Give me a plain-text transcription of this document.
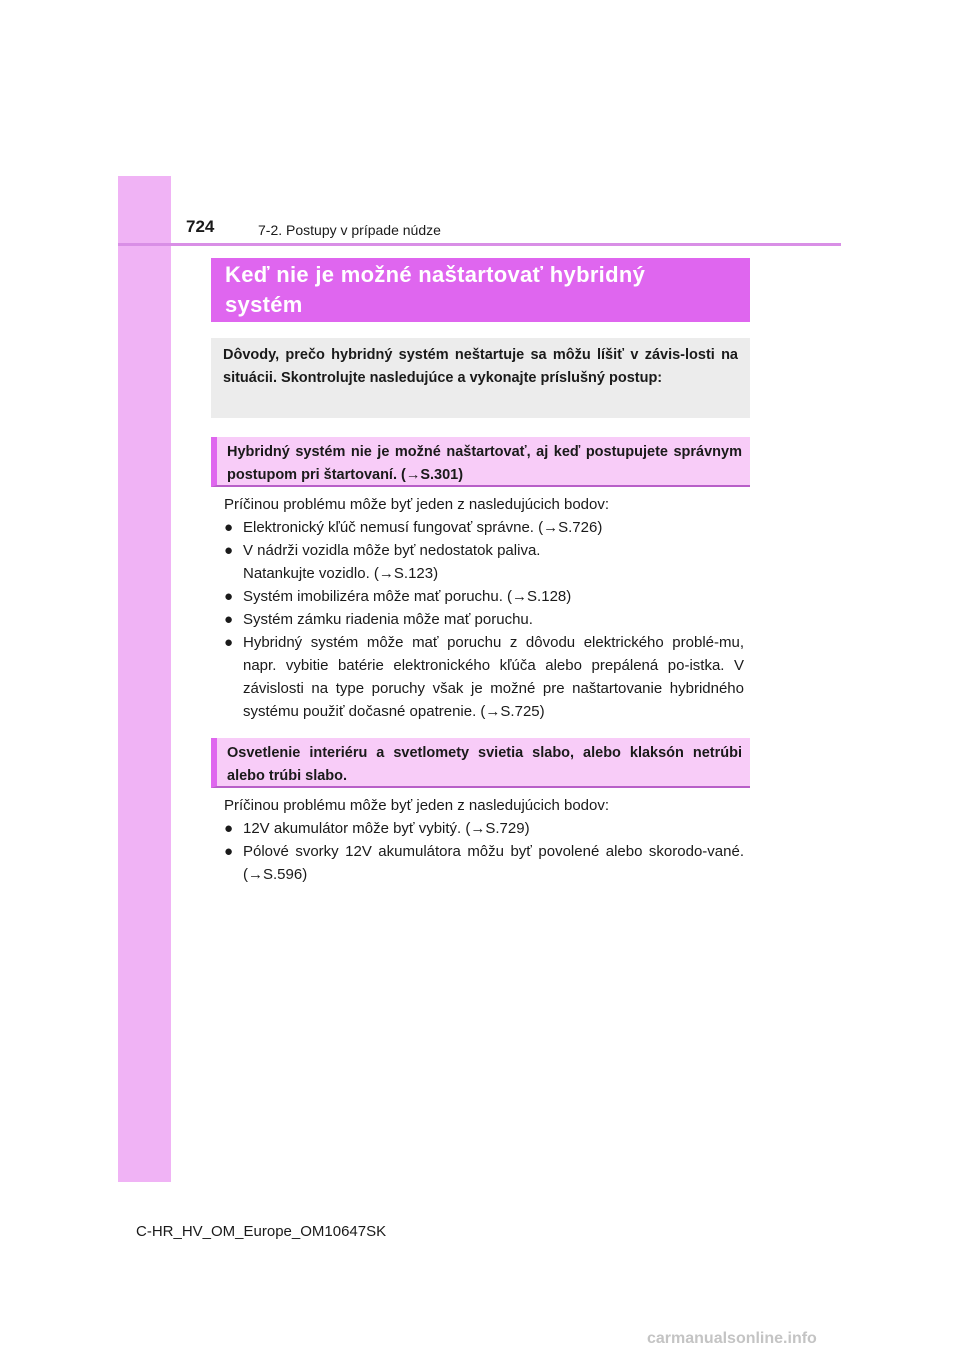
724	7-2. Postupy v prípade núdze
Keď nie je možné naštartovať hybridný
systém
Dôvody, prečo hybridný systém neštartuje sa môžu líšiť v závis-losti na situácii. Skontrolujte nasledujúce a vykonajte príslušný postup:
Hybridný systém nie je možné naštartovať, aj keď postupujete správnym postupom pri štartovaní. (→S.301)
Príčinou problému môže byť jeden z nasledujúcich bodov:
● Elektronický kľúč nemusí fungovať správne. (→S.726)
● V nádrži vozidla môže byť nedostatok paliva.
Natankujte vozidlo. (→S.123)
● Systém imobilizéra môže mať poruchu. (→S.128)
● Systém zámku riadenia môže mať poruchu.
● Hybridný systém môže mať poruchu z dôvodu elektrického problé-mu, napr. vybitie batérie elektronického kľúča alebo prepálená po-istka. V závislosti na type poruchy však je možné pre naštartovanie hybridného systému použiť dočasné opatrenie. (→S.725)
Osvetlenie interiéru a svetlomety svietia slabo, alebo klaksón netrúbi alebo trúbi slabo.
Príčinou problému môže byť jeden z nasledujúcich bodov:
● 12V akumulátor môže byť vybitý. (→S.729)
● Pólové svorky 12V akumulátora môžu byť povolené alebo skorodo-vané. (→S.596)
C-HR_HV_OM_Europe_OM10647SK
carmanualsonline.info
